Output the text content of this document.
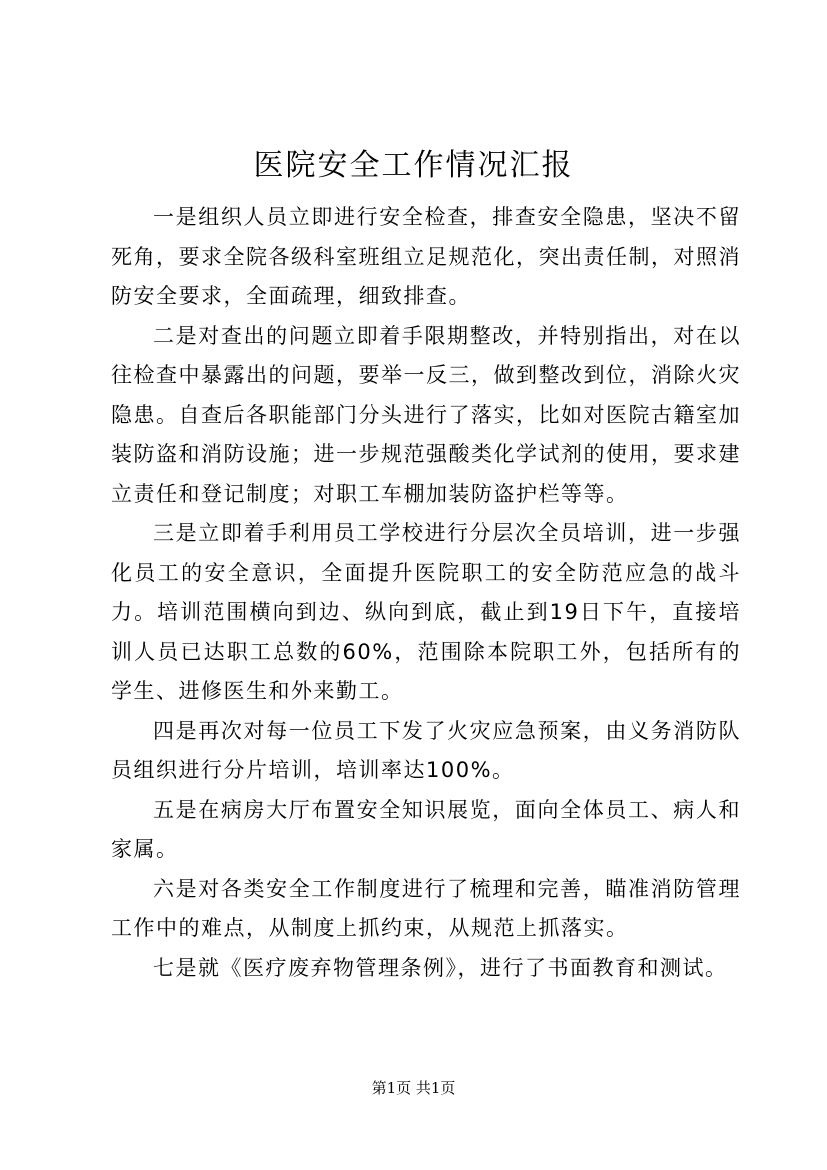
医院安全工作情况汇报

一是组织人员立即进行安全检查，排查安全隐患，坚决不留死角，要求全院各级科室班组立足规范化，突出责任制，对照消防安全要求，全面疏理，细致排查。

二是对查出的问题立即着手限期整改，并特别指出，对在以往检查中暴露出的问题，要举一反三，做到整改到位，消除火灾隐患。自查后各职能部门分头进行了落实，比如对医院古籍室加装防盗和消防设施；进一步规范强酸类化学试剂的使用，要求建立责任和登记制度；对职工车棚加装防盗护栏等等。

三是立即着手利用员工学校进行分层次全员培训，进一步强化员工的安全意识，全面提升医院职工的安全防范应急的战斗力。培训范围横向到边、纵向到底，截止到19日下午，直接培训人员已达职工总数的60%，范围除本院职工外，包括所有的学生、进修医生和外来勤工。

四是再次对每一位员工下发了火灾应急预案，由义务消防队员组织进行分片培训，培训率达100%。

五是在病房大厅布置安全知识展览，面向全体员工、病人和家属。

六是对各类安全工作制度进行了梳理和完善，瞄准消防管理工作中的难点，从制度上抓约束，从规范上抓落实。

七是就《医疗废弃物管理条例》，进行了书面教育和测试。

第1页 共1页
